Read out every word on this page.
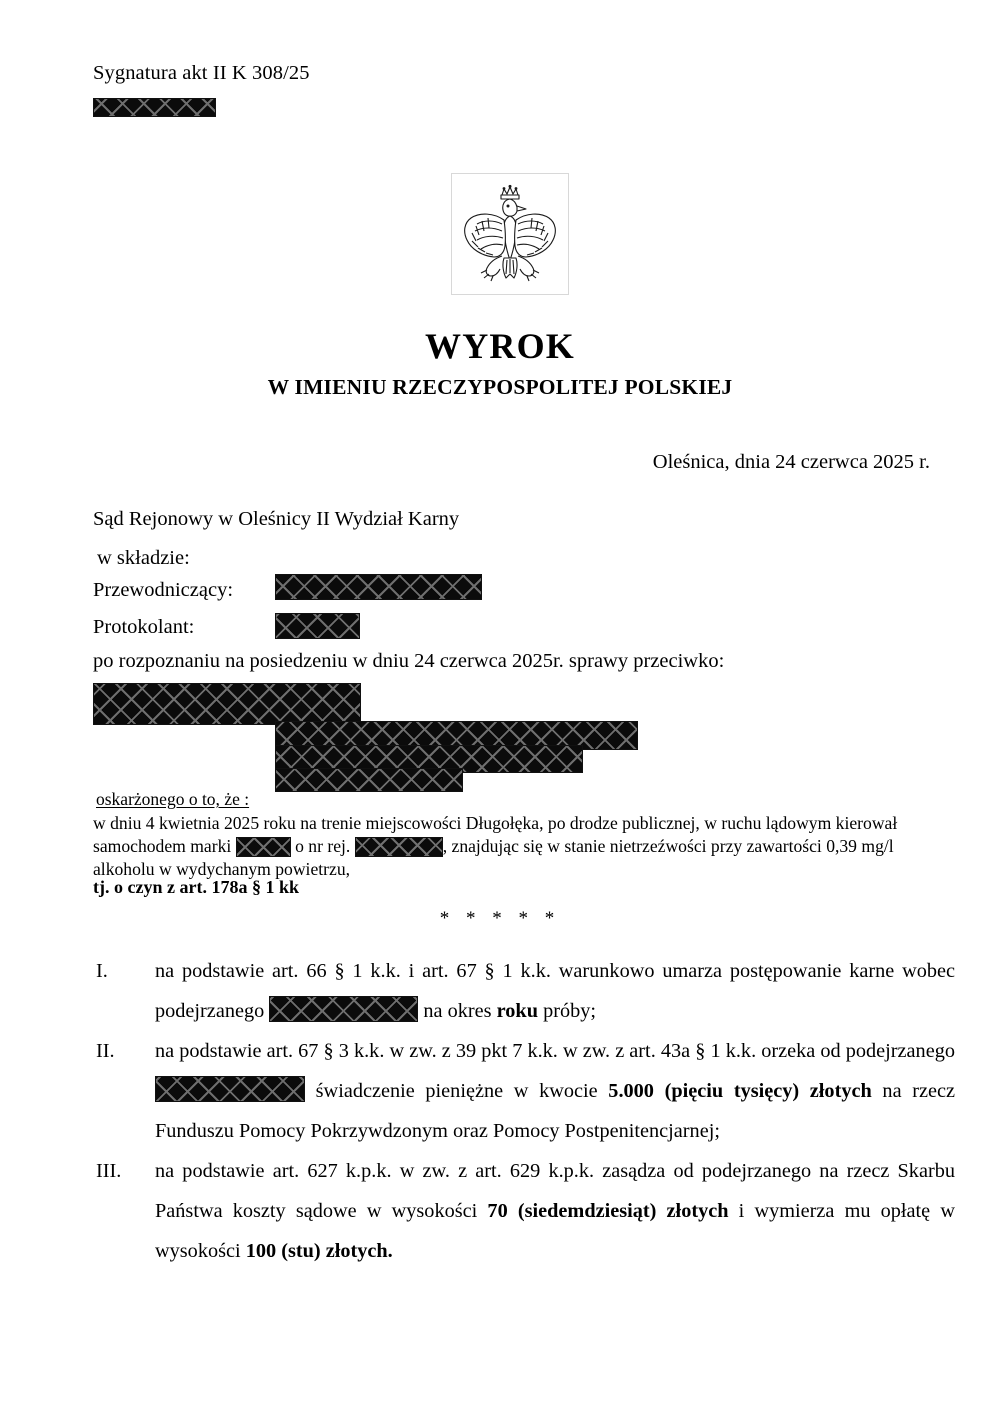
Sygnatura akt II K 308/25
WYROK
W IMIENIU RZECZYPOSPOLITEJ POLSKIEJ
Oleśnica, dnia 24 czerwca 2025 r.
Sąd Rejonowy w Oleśnicy II Wydział Karny
w składzie:
Przewodniczący:
Protokolant:
po rozpoznaniu na posiedzeniu w dniu 24 czerwca 2025r. sprawy przeciwko:
oskarżonego o to, że :
w dniu 4 kwietnia 2025 roku na trenie miejscowości Długołęka, po drodze publicznej, w ruchu lądowym kierował samochodem marki	o nr rej.	, znajdując się w stanie nietrzeźwości przy zawartości 0,39 mg/l alkoholu w wydychanym powietrzu,
tj. o czyn z art. 178a § 1 kk
* * * * *
I.	na podstawie art. 66 § 1 k.k. i art. 67 § 1 k.k. warunkowo umarza postępowanie karne wobec podejrzanego	na okres roku próby;
II.	na podstawie art. 67 § 3 k.k. w zw. z 39 pkt 7 k.k. w zw. z art. 43a § 1 k.k. orzeka od podejrzanego  świadczenie pieniężne w kwocie 5.000 (pięciu tysięcy) złotych na rzecz Funduszu Pomocy Pokrzywdzonym oraz Pomocy Postpenitencjarnej;
III.	na podstawie art. 627 k.p.k. w zw. z art. 629 k.p.k. zasądza od podejrzanego na rzecz Skarbu Państwa koszty sądowe w wysokości 70 (siedemdziesiąt) złotych i wymierza mu opłatę w wysokości 100 (stu) złotych.
